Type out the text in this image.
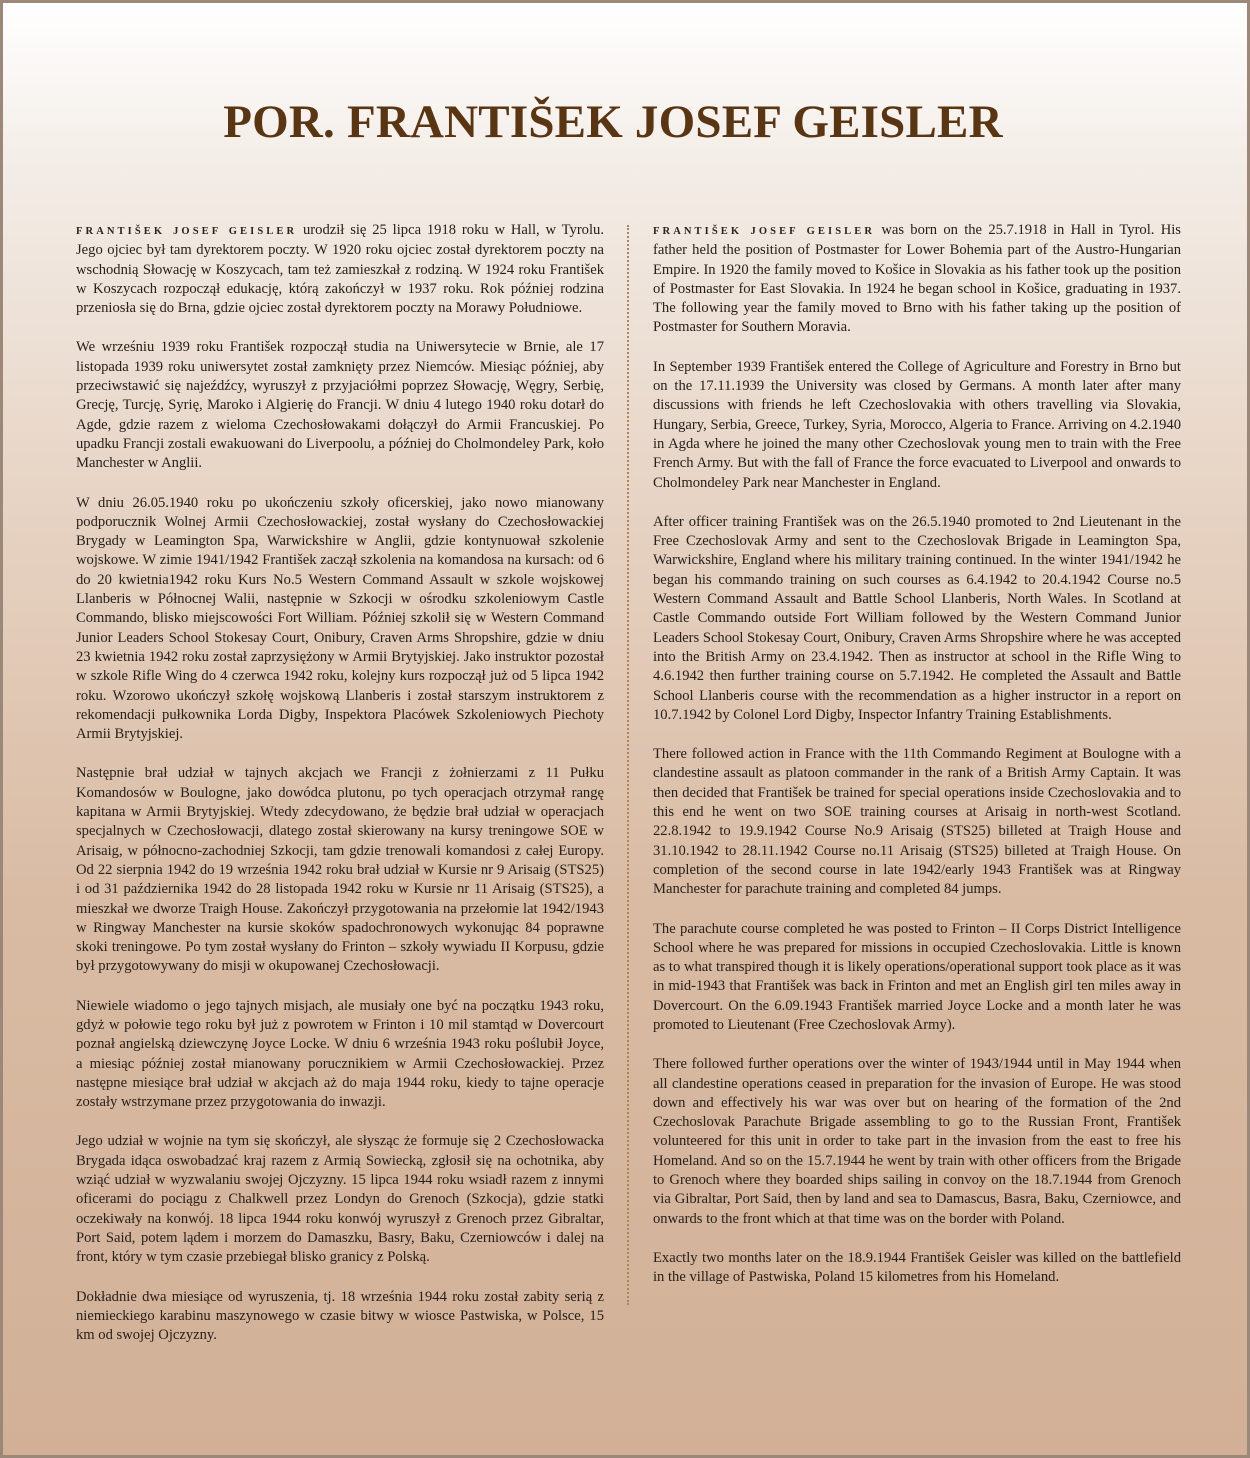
POR. FRANTIŠEK JOSEF GEISLER

FRANTIŠEK JOSEF GEISLER urodził się 25 lipca 1918 roku w Hall, w Tyrolu. Jego ojciec był tam dyrektorem poczty. W 1920 roku ojciec został dyrektorem poczty na wschodnią Słowację w Koszycach, tam też zamieszkał z rodziną. W 1924 roku František w Koszycach rozpoczął edukację, którą zakończył w 1937 roku. Rok później rodzina przeniosła się do Brna, gdzie ojciec został dyrektorem poczty na Morawy Południowe.

We wrześniu 1939 roku František rozpoczął studia na Uniwersytecie w Brnie, ale 17 listopada 1939 roku uniwersytet został zamknięty przez Niemców. Miesiąc później, aby przeciwstawić się najeźdźcy, wyruszył z przyjaciółmi poprzez Słowację, Węgry, Serbię, Grecję, Turcję, Syrię, Maroko i Algierię do Francji. W dniu 4 lutego 1940 roku dotarł do Agde, gdzie razem z wieloma Czechosłowakami dołączył do Armii Francuskiej. Po upadku Francji zostali ewakuowani do Liverpoolu, a później do Cholmondeley Park, koło Manchester w Anglii.

W dniu 26.05.1940 roku po ukończeniu szkoły oficerskiej, jako nowo mianowany podporucznik Wolnej Armii Czechosłowackiej, został wysłany do Czechosłowackiej Brygady w Leamington Spa, Warwickshire w Anglii, gdzie kontynuował szkolenie wojskowe. W zimie 1941/1942 František zaczął szkolenia na komandosa na kursach: od 6 do 20 kwietnia1942 roku Kurs No.5 Western Command Assault w szkole wojskowej Llanberis w Północnej Walii, następnie w Szkocji w ośrodku szkoleniowym Castle Commando, blisko miejscowości Fort William. Później szkolił się w Western Command Junior Leaders School Stokesay Court, Onibury, Craven Arms Shropshire, gdzie w dniu 23 kwietnia 1942 roku został zaprzysiężony w Armii Brytyjskiej. Jako instruktor pozostał w szkole Rifle Wing do 4 czerwca 1942 roku, kolejny kurs rozpoczął już od 5 lipca 1942 roku. Wzorowo ukończył szkołę wojskową Llanberis i został starszym instruktorem z rekomendacji pułkownika Lorda Digby, Inspektora Placówek Szkoleniowych Piechoty Armii Brytyjskiej.

Następnie brał udział w tajnych akcjach we Francji z żołnierzami z 11 Pułku Komandosów w Boulogne, jako dowódca plutonu, po tych operacjach otrzymał rangę kapitana w Armii Brytyjskiej. Wtedy zdecydowano, że będzie brał udział w operacjach specjalnych w Czechosłowacji, dlatego został skierowany na kursy treningowe SOE w Arisaig, w północno-zachodniej Szkocji, tam gdzie trenowali komandosi z całej Europy. Od 22 sierpnia 1942 do 19 września 1942 roku brał udział w Kursie nr 9 Arisaig (STS25) i od 31 października 1942 do 28 listopada 1942 roku w Kursie nr 11 Arisaig (STS25), a mieszkał we dworze Traigh House. Zakończył przygotowania na przełomie lat 1942/1943 w Ringway Manchester na kursie skoków spadochronowych wykonując 84 poprawne skoki treningowe. Po tym został wysłany do Frinton – szkoły wywiadu II Korpusu, gdzie był przygotowywany do misji w okupowanej Czechosłowacji.

Niewiele wiadomo o jego tajnych misjach, ale musiały one być na początku 1943 roku, gdyż w połowie tego roku był już z powrotem w Frinton i 10 mil stamtąd w Dovercourt poznał angielską dziewczynę Joyce Locke. W dniu 6 września 1943 roku poślubił Joyce, a miesiąc później został mianowany porucznikiem w Armii Czechosłowackiej. Przez następne miesiące brał udział w akcjach aż do maja 1944 roku, kiedy to tajne operacje zostały wstrzymane przez przygotowania do inwazji.

Jego udział w wojnie na tym się skończył, ale słysząc że formuje się 2 Czechosłowacka Brygada idąca oswobadzać kraj razem z Armią Sowiecką, zgłosił się na ochotnika, aby wziąć udział w wyzwalaniu swojej Ojczyzny. 15 lipca 1944 roku wsiadł razem z innymi oficerami do pociągu z Chalkwell przez Londyn do Grenoch (Szkocja), gdzie statki oczekiwały na konwój. 18 lipca 1944 roku konwój wyruszył z Grenoch przez Gibraltar, Port Said, potem lądem i morzem do Damaszku, Basry, Baku, Czerniowców i dalej na front, który w tym czasie przebiegał blisko granicy z Polską.

Dokładnie dwa miesiące od wyruszenia, tj. 18 września 1944 roku został zabity serią z niemieckiego karabinu maszynowego w czasie bitwy w wiosce Pastwiska, w Polsce, 15 km od swojej Ojczyzny.

FRANTIŠEK JOSEF GEISLER was born on the 25.7.1918 in Hall in Tyrol. His father held the position of Postmaster for Lower Bohemia part of the Austro-Hungarian Empire. In 1920 the family moved to Košice in Slovakia as his father took up the position of Postmaster for East Slovakia. In 1924 he began school in Košice, graduating in 1937. The following year the family moved to Brno with his father taking up the position of Postmaster for Southern Moravia.

In September 1939 František entered the College of Agriculture and Forestry in Brno but on the 17.11.1939 the University was closed by Germans. A month later after many discussions with friends he left Czechoslovakia with others travelling via Slovakia, Hungary, Serbia, Greece, Turkey, Syria, Morocco, Algeria to France. Arriving on 4.2.1940 in Agda where he joined the many other Czechoslovak young men to train with the Free French Army. But with the fall of France the force evacuated to Liverpool and onwards to Cholmondeley Park near Manchester in England.

After officer training František was on the 26.5.1940 promoted to 2nd Lieutenant in the Free Czechoslovak Army and sent to the Czechoslovak Brigade in Leamington Spa, Warwickshire, England where his military training continued. In the winter 1941/1942 he began his commando training on such courses as 6.4.1942 to 20.4.1942 Course no.5 Western Command Assault and Battle School Llanberis, North Wales. In Scotland at Castle Commando outside Fort William followed by the Western Command Junior Leaders School Stokesay Court, Onibury, Craven Arms Shropshire where he was accepted into the British Army on 23.4.1942. Then as instructor at school in the Rifle Wing to 4.6.1942 then further training course on 5.7.1942. He completed the Assault and Battle School Llanberis course with the recommendation as a higher instructor in a report on 10.7.1942 by Colonel Lord Digby, Inspector Infantry Training Establishments.

There followed action in France with the 11th Commando Regiment at Boulogne with a clandestine assault as platoon commander in the rank of a British Army Captain. It was then decided that František be trained for special operations inside Czechoslovakia and to this end he went on two SOE training courses at Arisaig in north-west Scotland. 22.8.1942 to 19.9.1942 Course No.9 Arisaig (STS25) billeted at Traigh House and 31.10.1942 to 28.11.1942 Course no.11 Arisaig (STS25) billeted at Traigh House. On completion of the second course in late 1942/early 1943 František was at Ringway Manchester for parachute training and completed 84 jumps.

The parachute course completed he was posted to Frinton – II Corps District Intelligence School where he was prepared for missions in occupied Czechoslovakia. Little is known as to what transpired though it is likely operations/operational support took place as it was in mid-1943 that František was back in Frinton and met an English girl ten miles away in Dovercourt. On the 6.09.1943 František married Joyce Locke and a month later he was promoted to Lieutenant (Free Czechoslovak Army).

There followed further operations over the winter of 1943/1944 until in May 1944 when all clandestine operations ceased in preparation for the invasion of Europe. He was stood down and effectively his war was over but on hearing of the formation of the 2nd Czechoslovak Parachute Brigade assembling to go to the Russian Front, František volunteered for this unit in order to take part in the invasion from the east to free his Homeland. And so on the 15.7.1944 he went by train with other officers from the Brigade to Grenoch where they boarded ships sailing in convoy on the 18.7.1944 from Grenoch via Gibraltar, Port Said, then by land and sea to Damascus, Basra, Baku, Czerniowce, and onwards to the front which at that time was on the border with Poland.

Exactly two months later on the 18.9.1944 František Geisler was killed on the battlefield in the village of Pastwiska, Poland 15 kilometres from his Homeland.
